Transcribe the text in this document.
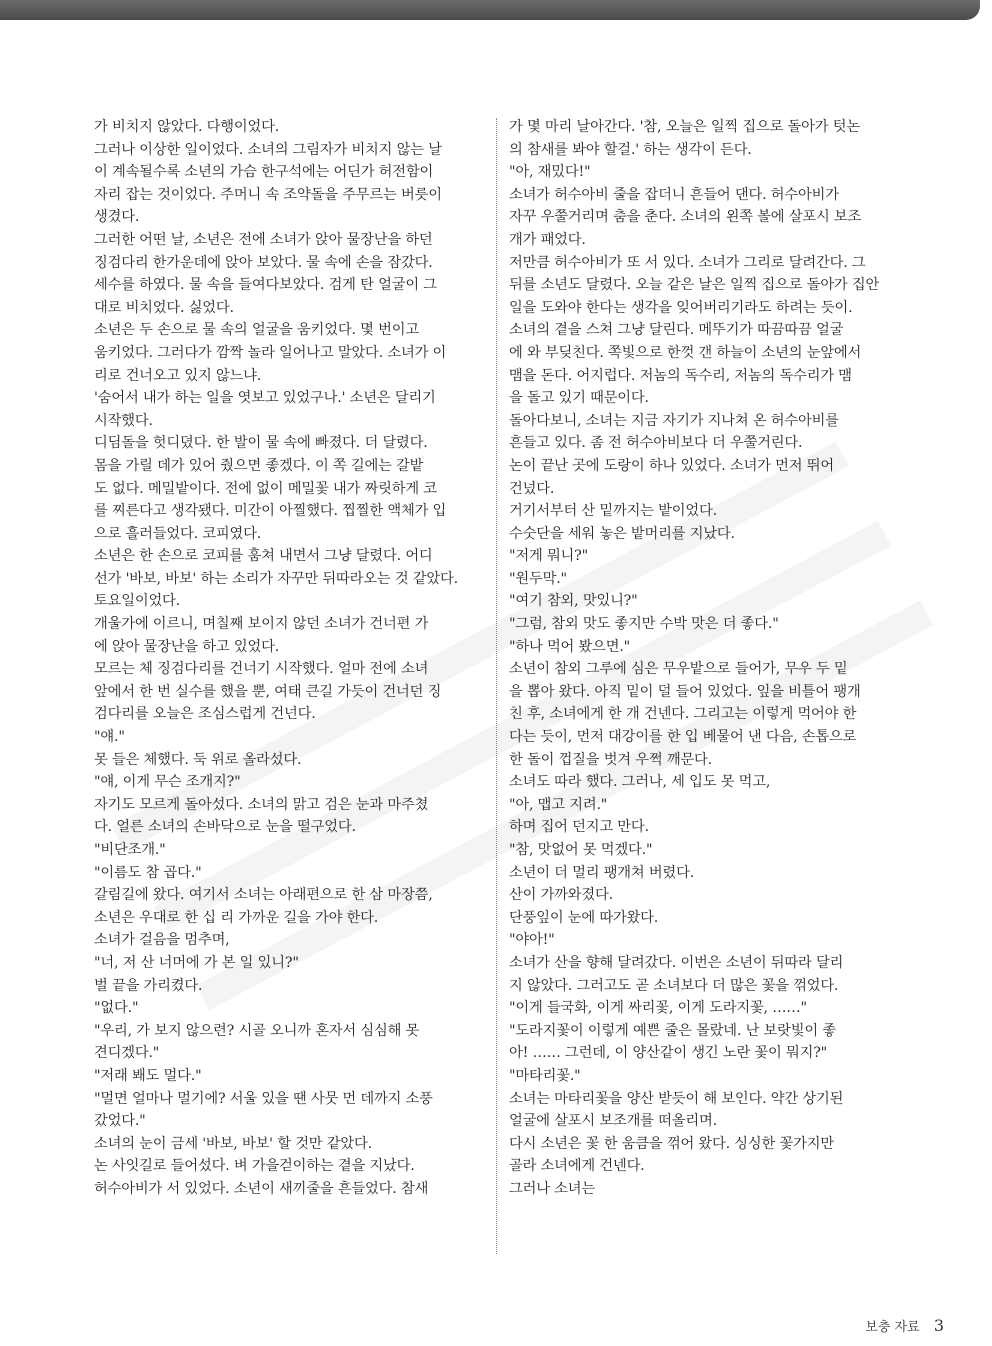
가 비치지 않았다. 다행이었다.
그러나 이상한 일이었다. 소녀의 그림자가 비치지 않는 날
이 계속될수록 소년의 가슴 한구석에는 어딘가 허전함이
자리 잡는 것이었다. 주머니 속 조약돌을 주무르는 버릇이
생겼다.
그러한 어떤 날, 소년은 전에 소녀가 앉아 물장난을 하던
징검다리 한가운데에 앉아 보았다. 물 속에 손을 잠갔다.
세수를 하였다. 물 속을 들여다보았다. 검게 탄 얼굴이 그
대로 비치었다. 싫었다.
소년은 두 손으로 물 속의 얼굴을 움키었다. 몇 번이고
움키었다. 그러다가 깜짝 놀라 일어나고 말았다. 소녀가 이
리로 건너오고 있지 않느냐.
'숨어서 내가 하는 일을 엿보고 있었구나.' 소년은 달리기
시작했다.
디딤돌을 헛디뎠다. 한 발이 물 속에 빠졌다. 더 달렸다.
몸을 가릴 데가 있어 줬으면 좋겠다. 이 쪽 길에는 갈밭
도 없다. 메밀밭이다. 전에 없이 메밀꽃 내가 짜릿하게 코
를 찌른다고 생각됐다. 미간이 아찔했다. 찝찔한 액체가 입
으로 흘러들었다. 코피였다.
소년은 한 손으로 코피를 훔쳐 내면서 그냥 달렸다. 어디
선가 '바보, 바보' 하는 소리가 자꾸만 뒤따라오는 것 같았다.
토요일이었다.
개울가에 이르니, 며칠째 보이지 않던 소녀가 건너편 가
에 앉아 물장난을 하고 있었다.
모르는 체 징검다리를 건너기 시작했다. 얼마 전에 소녀
앞에서 한 번 실수를 했을 뿐, 여태 큰길 가듯이 건너던 징
검다리를 오늘은 조심스럽게 건넌다.
"얘."
못 들은 체했다. 둑 위로 올라섰다.
"얘, 이게 무슨 조개지?"
자기도 모르게 돌아섰다. 소녀의 맑고 검은 눈과 마주쳤
다. 얼른 소녀의 손바닥으로 눈을 떨구었다.
"비단조개."
"이름도 참 곱다."
갈림길에 왔다. 여기서 소녀는 아래편으로 한 삼 마장쯤,
소년은 우대로 한 십 리 가까운 길을 가야 한다.
소녀가 걸음을 멈추며,
"너, 저 산 너머에 가 본 일 있니?"
벌 끝을 가리켰다.
"없다."
"우리, 가 보지 않으련? 시골 오니까 혼자서 심심해 못
견디겠다."
"저래 봬도 멀다."
"멀면 얼마나 멀기에? 서울 있을 땐 사뭇 먼 데까지 소풍
갔었다."
소녀의 눈이 금세 '바보, 바보' 할 것만 같았다.
논 사잇길로 들어섰다. 벼 가을걷이하는 곁을 지났다.
허수아비가 서 있었다. 소년이 새끼줄을 흔들었다. 참새
가 몇 마리 날아간다. '참, 오늘은 일찍 집으로 돌아가 텃논
의 참새를 봐야 할걸.' 하는 생각이 든다.
"아, 재밌다!"
소녀가 허수아비 줄을 잡더니 흔들어 댄다. 허수아비가
자꾸 우쭐거리며 춤을 춘다. 소녀의 왼쪽 볼에 살포시 보조
개가 패었다.
저만큼 허수아비가 또 서 있다. 소녀가 그리로 달려간다. 그
뒤를 소년도 달렸다. 오늘 같은 날은 일찍 집으로 돌아가 집안
일을 도와야 한다는 생각을 잊어버리기라도 하려는 듯이.
소녀의 곁을 스쳐 그냥 달린다. 메뚜기가 따끔따끔 얼굴
에 와 부딪친다. 쪽빛으로 한껏 갠 하늘이 소년의 눈앞에서
맴을 돈다. 어지럽다. 저놈의 독수리, 저놈의 독수리가 맴
을 돌고 있기 때문이다.
돌아다보니, 소녀는 지금 자기가 지나쳐 온 허수아비를
흔들고 있다. 좀 전 허수아비보다 더 우쭐거린다.
논이 끝난 곳에 도랑이 하나 있었다. 소녀가 먼저 뛰어
건넜다.
거기서부터 산 밑까지는 밭이었다.
수숫단을 세워 놓은 밭머리를 지났다.
"저게 뭐니?"
"원두막."
"여기 참외, 맛있니?"
"그럼, 참외 맛도 좋지만 수박 맛은 더 좋다."
"하나 먹어 봤으면."
소년이 참외 그루에 심은 무우밭으로 들어가, 무우 두 밑
을 뽑아 왔다. 아직 밑이 덜 들어 있었다. 잎을 비틀어 팽개
친 후, 소녀에게 한 개 건넨다. 그리고는 이렇게 먹어야 한
다는 듯이, 먼저 대강이를 한 입 베물어 낸 다음, 손톱으로
한 돌이 껍질을 벗겨 우쩍 깨문다.
소녀도 따라 했다. 그러나, 세 입도 못 먹고,
"아, 맵고 지려."
하며 집어 던지고 만다.
"참, 맛없어 못 먹겠다."
소년이 더 멀리 팽개쳐 버렸다.
산이 가까와졌다.
단풍잎이 눈에 따가왔다.
"야아!"
소녀가 산을 향해 달려갔다. 이번은 소년이 뒤따라 달리
지 않았다. 그러고도 곧 소녀보다 더 많은 꽃을 꺾었다.
"이게 들국화, 이게 싸리꽃, 이게 도라지꽃, ……"
"도라지꽃이 이렇게 예쁜 줄은 몰랐네. 난 보랏빛이 좋
아! …… 그런데, 이 양산같이 생긴 노란 꽃이 뭐지?"
"마타리꽃."
소녀는 마타리꽃을 양산 받듯이 해 보인다. 약간 상기된
얼굴에 살포시 보조개를 떠올리며.
다시 소년은 꽃 한 움큼을 꺾어 왔다. 싱싱한 꽃가지만
골라 소녀에게 건넨다.
그러나 소녀는
보충 자료 3
